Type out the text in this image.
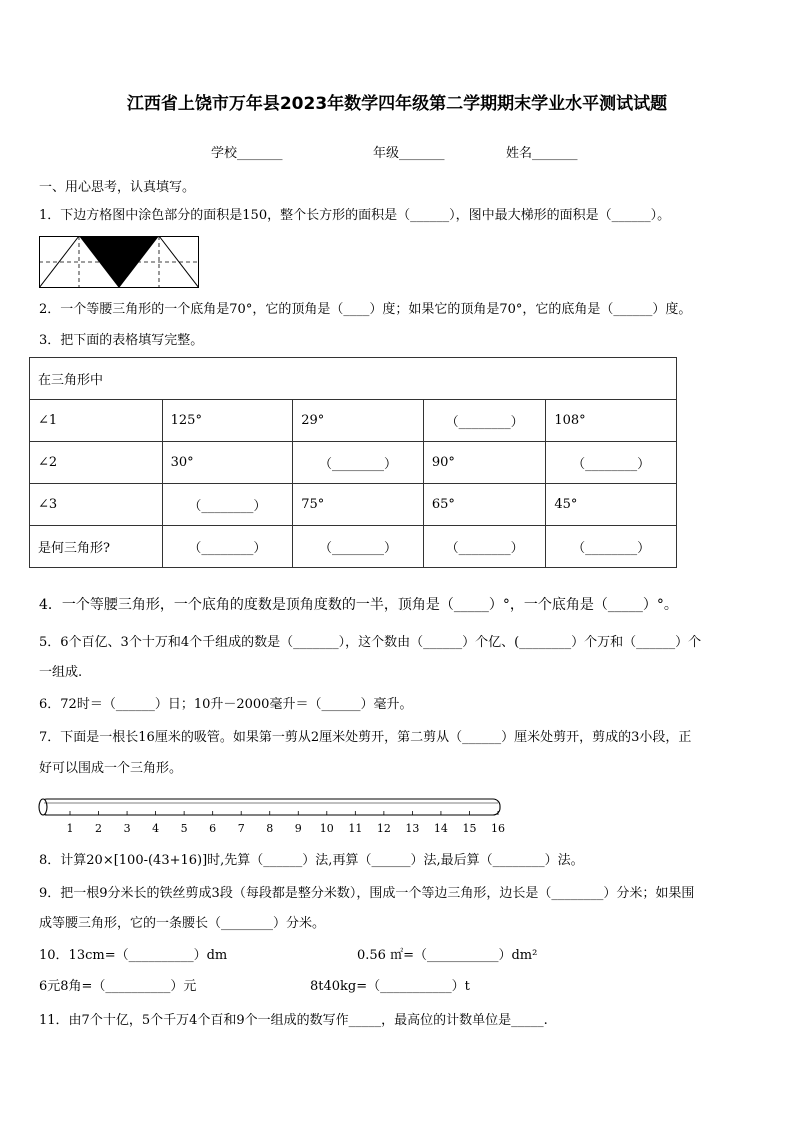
江西省上饶市万年县2023年数学四年级第二学期期末学业水平测试试题
学校_______	年级_______	姓名_______
一、用心思考，认真填写。
1．下边方格图中涂色部分的面积是150，整个长方形的面积是（______），图中最大梯形的面积是（______）。
2．一个等腰三角形的一个底角是70°，它的顶角是（____）度；如果它的顶角是70°，它的底角是（______）度。
3．把下面的表格填写完整。
在三角形中				
∠1	125°	29°	（________）	108°
∠2	30°	（________）	90°	（________）
∠3	（________）	75°	65°	45°
是何三角形?	（________）	（________）	（________）	（________）
4．一个等腰三角形，一个底角的度数是顶角度数的一半，顶角是（_____）°，一个底角是（_____）°。
5．6个百亿、3个十万和4个千组成的数是（_______），这个数由（______）个亿、(________）个万和（______）个
一组成.
6．72时＝（______）日；10升－2000毫升＝（______）毫升。
7．下面是一根长16厘米的吸管。如果第一剪从2厘米处剪开，第二剪从（______）厘米处剪开，剪成的3小段，正
好可以围成一个三角形。
1 2 3 4 5 6 7 8 9 10 11 12 13 14 15 16
8．计算20×[100-(43+16)]时,先算（______）法,再算（______）法,最后算（________）法。
9．把一根9分米长的铁丝剪成3段（每段都是整分米数），围成一个等边三角形，边长是（________）分米；如果围
成等腰三角形，它的一条腰长（________）分米。
10．13cm=（__________）dm	0.56 ㎡=（___________）dm²
6元8角=（__________）元	8t40kg=（___________）t
11．由7个十亿，5个千万4个百和9个一组成的数写作_____，最高位的计数单位是_____.
